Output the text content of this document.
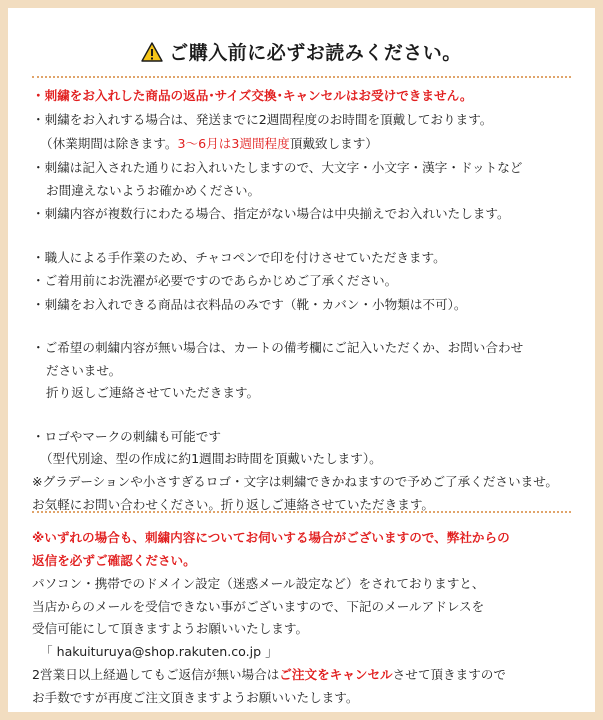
ご購入前に必ずお読みください。
・刺繍をお入れした商品の返品･サイズ交換･キャンセルはお受けできません。
・刺繍をお入れする場合は、発送までに2週間程度のお時間を頂戴しております。
（休業期間は除きます。3～6月は3週間程度頂戴致します）
・刺繍は記入された通りにお入れいたしますので、大文字・小文字・漢字・ドットなど
お間違えないようお確かめください。
・刺繍内容が複数行にわたる場合、指定がない場合は中央揃えでお入れいたします。
・職人による手作業のため、チャコペンで印を付けさせていただきます。
・ご着用前にお洗濯が必要ですのであらかじめご了承ください。
・刺繍をお入れできる商品は衣料品のみです（靴・カバン・小物類は不可）。
・ご希望の刺繍内容が無い場合は、カートの備考欄にご記入いただくか、お問い合わせ
ださいませ。
折り返しご連絡させていただきます。
・ロゴやマークの刺繍も可能です
（型代別途、型の作成に約1週間お時間を頂戴いたします）。
※グラデーションや小さすぎるロゴ・文字は刺繍できかねますので予めご了承くださいませ。
お気軽にお問い合わせください。折り返しご連絡させていただきます。
※いずれの場合も、刺繍内容についてお伺いする場合がございますので、弊社からの
返信を必ずご確認ください。
パソコン・携帯でのドメイン設定（迷惑メール設定など）をされておりますと、
当店からのメールを受信できない事がございますので、下記のメールアドレスを
受信可能にして頂きますようお願いいたします。
「 hakuituruya@shop.rakuten.co.jp 」
2営業日以上経過してもご返信が無い場合はご注文をキャンセルさせて頂きますので
お手数ですが再度ご注文頂きますようお願いいたします。
